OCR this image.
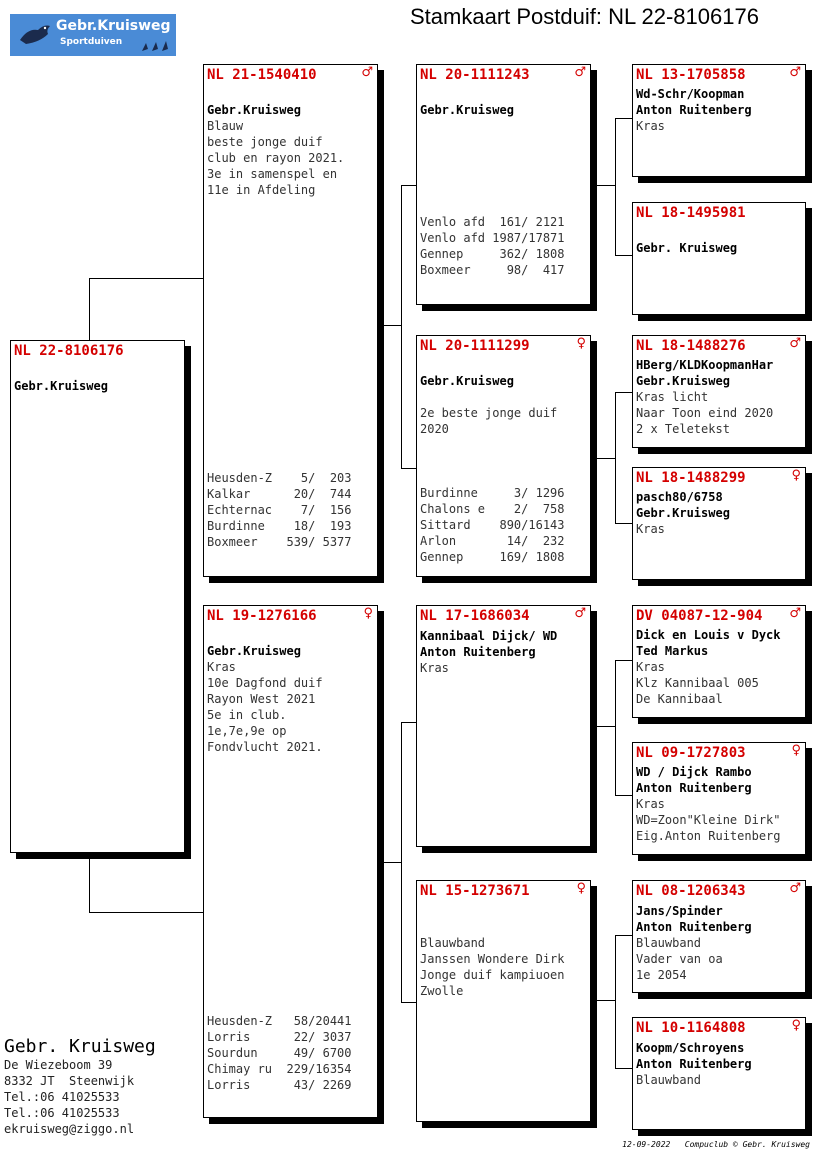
Gebr.Kruisweg
Sportduiven
Stamkaart Postduif: NL 22-8106176
NL 22-8106176
Gebr.Kruisweg
NL 21-1540410	♂
Gebr.Kruisweg
Blauw
beste jonge duif
club en rayon 2021.
3e in samenspel en
11e in Afdeling
Heusden-Z    5/  203
Kalkar      20/  744
Echternac    7/  156
Burdinne    18/  193
Boxmeer    539/ 5377
NL 19-1276166	♀
Gebr.Kruisweg
Kras
10e Dagfond duif
Rayon West 2021
5e in club.
1e,7e,9e op
Fondvlucht 2021.
Heusden-Z   58/20441
Lorris      22/ 3037
Sourdun     49/ 6700
Chimay ru  229/16354
Lorris      43/ 2269
NL 20-1111243	♂
Gebr.Kruisweg
Venlo afd  161/ 2121
Venlo afd 1987/17871
Gennep     362/ 1808
Boxmeer     98/  417
NL 20-1111299	♀
Gebr.Kruisweg
2e beste jonge duif
2020
Burdinne     3/ 1296
Chalons e    2/  758
Sittard    890/16143
Arlon       14/  232
Gennep     169/ 1808
NL 17-1686034	♂
Kannibaal Dijck/ WD
Anton Ruitenberg
Kras
NL 15-1273671	♀
Blauwband
Janssen Wondere Dirk
Jonge duif kampiuoen
Zwolle
NL 13-1705858	♂
Wd-Schr/Koopman
Anton Ruitenberg
Kras
NL 18-1495981
Gebr. Kruisweg
NL 18-1488276	♂
HBerg/KLDKoopmanHar
Gebr.Kruisweg
Kras licht
Naar Toon eind 2020
2 x Teletekst
NL 18-1488299	♀
pasch80/6758
Gebr.Kruisweg
Kras
DV 04087-12-904 ♂
Dick en Louis v Dyck
Ted Markus
Kras
Klz Kannibaal 005
De Kannibaal
NL 09-1727803	♀
WD / Dijck Rambo
Anton Ruitenberg
Kras
WD=Zoon"Kleine Dirk"
Eig.Anton Ruitenberg
NL 08-1206343	♂
Jans/Spinder
Anton Ruitenberg
Blauwband
Vader van oa
1e 2054
NL 10-1164808	♀
Koopm/Schroyens
Anton Ruitenberg
Blauwband
Gebr. Kruisweg
De Wiezeboom 39
8332 JT  Steenwijk
Tel.:06 41025533
Tel.:06 41025533
ekruisweg@ziggo.nl
12-09-2022   Compuclub © Gebr. Kruisweg
